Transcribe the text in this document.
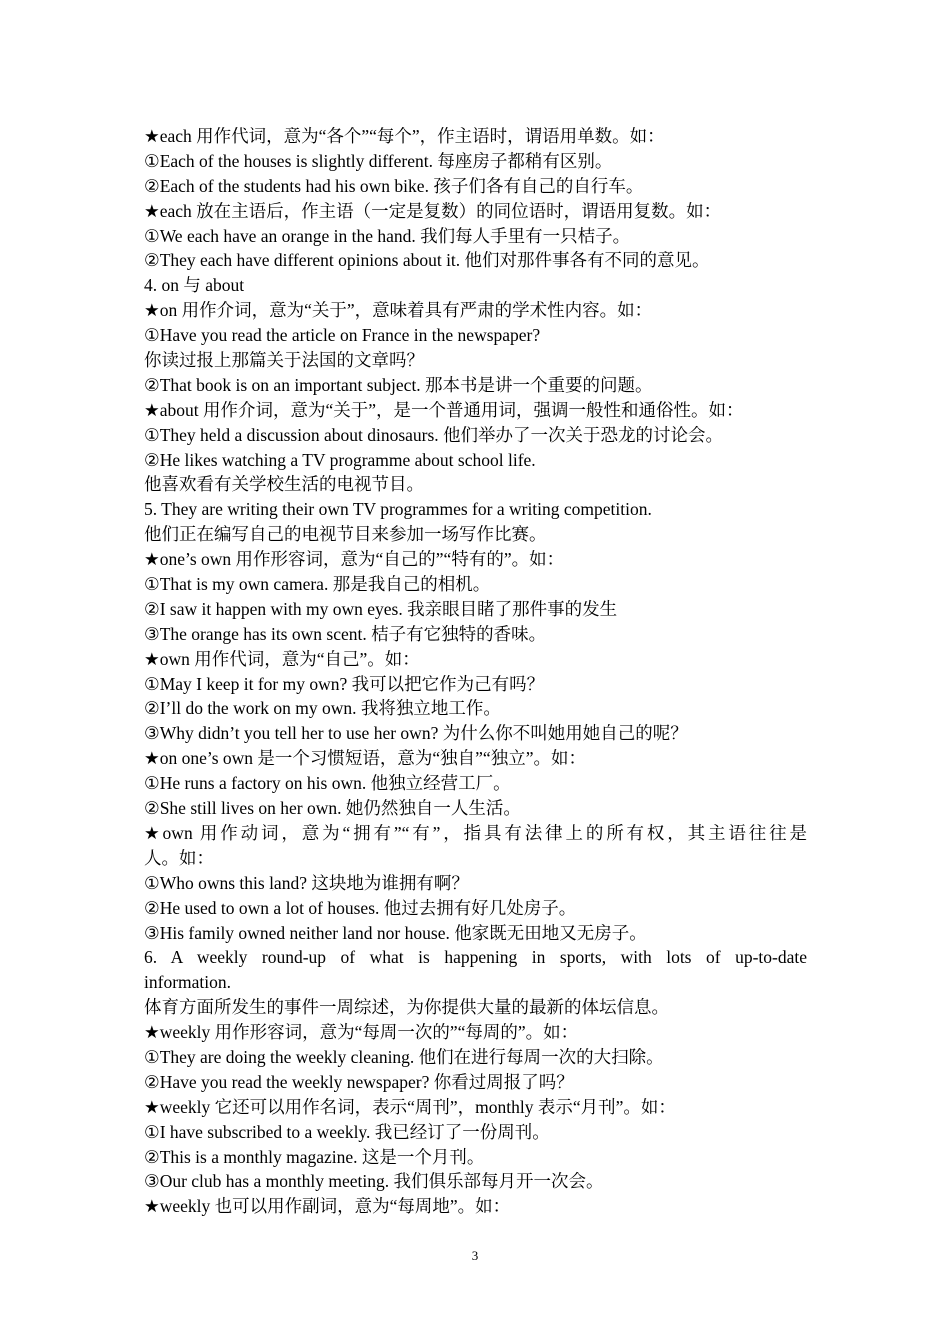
★each 用作代词，意为“各个”“每个”，作主语时，谓语用单数。如：
①Each of the houses is slightly different. 每座房子都稍有区别。
②Each of the students had his own bike. 孩子们各有自己的自行车。
★each 放在主语后，作主语（一定是复数）的同位语时，谓语用复数。如：
①We each have an orange in the hand. 我们每人手里有一只桔子。
②They each have different opinions about it. 他们对那件事各有不同的意见。
4. on 与 about
★on 用作介词，意为“关于”，意味着具有严肃的学术性内容。如：
①Have you read the article on France in the newspaper?
你读过报上那篇关于法国的文章吗？
②That book is on an important subject. 那本书是讲一个重要的问题。
★about 用作介词，意为“关于”，是一个普通用词，强调一般性和通俗性。如：
①They held a discussion about dinosaurs. 他们举办了一次关于恐龙的讨论会。
②He likes watching a TV programme about school life.
他喜欢看有关学校生活的电视节目。
5. They are writing their own TV programmes for a writing competition.
他们正在编写自己的电视节目来参加一场写作比赛。
★one’s own 用作形容词，意为“自己的”“特有的”。如：
①That is my own camera. 那是我自己的相机。
②I saw it happen with my own eyes. 我亲眼目睹了那件事的发生
③The orange has its own scent. 桔子有它独特的香味。
★own 用作代词，意为“自己”。如：
①May I keep it for my own? 我可以把它作为己有吗？
②I’ll do the work on my own. 我将独立地工作。
③Why didn’t you tell her to use her own? 为什么你不叫她用她自己的呢？
★on one’s own 是一个习惯短语，意为“独自”“独立”。如：
①He runs a factory on his own. 他独立经营工厂。
②She still lives on her own. 她仍然独自一人生活。
★own 用作动词，意为“拥有”“有”，指具有法律上的所有权，其主语往往是
人。如：
①Who owns this land? 这块地为谁拥有啊？
②He used to own a lot of houses. 他过去拥有好几处房子。
③His family owned neither land nor house. 他家既无田地又无房子。
6. A weekly round-up of what is happening in sports, with lots of up-to-date
information.
体育方面所发生的事件一周综述，为你提供大量的最新的体坛信息。
★weekly 用作形容词，意为“每周一次的”“每周的”。如：
①They are doing the weekly cleaning. 他们在进行每周一次的大扫除。
②Have you read the weekly newspaper? 你看过周报了吗？
★weekly 它还可以用作名词，表示“周刊”，monthly 表示“月刊”。如：
①I have subscribed to a weekly. 我已经订了一份周刊。
②This is a monthly magazine. 这是一个月刊。
③Our club has a monthly meeting. 我们俱乐部每月开一次会。
★weekly 也可以用作副词，意为“每周地”。如：
3
